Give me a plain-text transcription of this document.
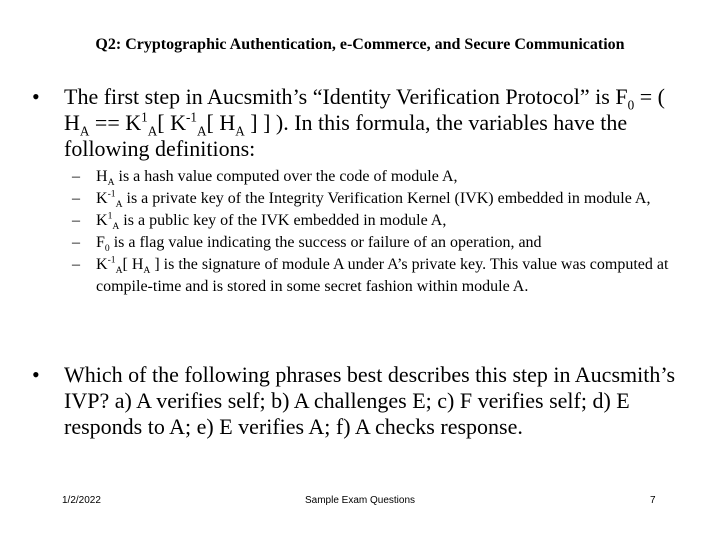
Q2: Cryptographic Authentication, e-Commerce, and Secure Communication
• The first step in Aucsmith’s “Identity Verification Protocol” is $F_0$ = ( $H_A == K^1_A$[ $K^{-1}_A$[ $H_A$ ] ] ). In this formula, the variables have the following definitions:
– $H_A$ is a hash value computed over the code of module A,
– $K^{-1}_A$ is a private key of the Integrity Verification Kernel (IVK) embedded in module A,
– $K^1_A$ is a public key of the IVK embedded in module A,
– $F_0$ is a flag value indicating the success or failure of an operation, and
– $K^{-1}_A$[ $H_A$ ] is the signature of module A under A’s private key. This value was computed at compile-time and is stored in some secret fashion within module A.
• Which of the following phrases best describes this step in Aucsmith’s IVP? a) A verifies self; b) A challenges E; c) F verifies self; d) E responds to A; e) E verifies A; f) A checks response.
1/2/2022	Sample Exam Questions	7
